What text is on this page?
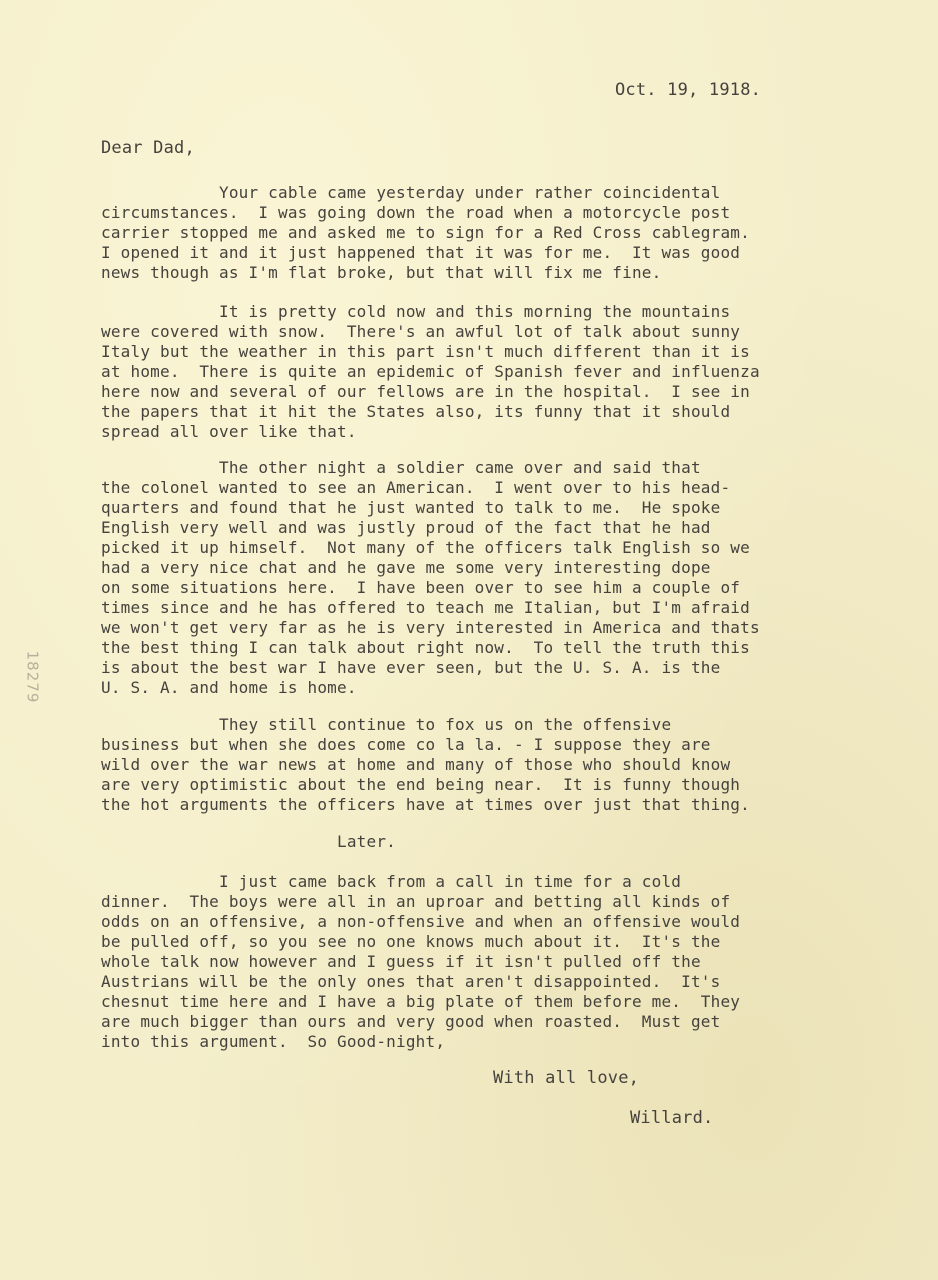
Oct. 19, 1918.
Dear Dad,
Your cable came yesterday under rather coincidental
circumstances.  I was going down the road when a motorcycle post
carrier stopped me and asked me to sign for a Red Cross cablegram.
I opened it and it just happened that it was for me.  It was good
news though as I'm flat broke, but that will fix me fine.
It is pretty cold now and this morning the mountains
were covered with snow.  There's an awful lot of talk about sunny
Italy but the weather in this part isn't much different than it is
at home.  There is quite an epidemic of Spanish fever and influenza
here now and several of our fellows are in the hospital.  I see in
the papers that it hit the States also, its funny that it should
spread all over like that.
The other night a soldier came over and said that
the colonel wanted to see an American.  I went over to his head-
quarters and found that he just wanted to talk to me.  He spoke
English very well and was justly proud of the fact that he had
picked it up himself.  Not many of the officers talk English so we
had a very nice chat and he gave me some very interesting dope
on some situations here.  I have been over to see him a couple of
times since and he has offered to teach me Italian, but I'm afraid
we won't get very far as he is very interested in America and thats
the best thing I can talk about right now.  To tell the truth this
is about the best war I have ever seen, but the U. S. A. is the
U. S. A. and home is home.
They still continue to fox us on the offensive
business but when she does come co la la. - I suppose they are
wild over the war news at home and many of those who should know
are very optimistic about the end being near.  It is funny though
the hot arguments the officers have at times over just that thing.
Later.
I just came back from a call in time for a cold
dinner.  The boys were all in an uproar and betting all kinds of
odds on an offensive, a non-offensive and when an offensive would
be pulled off, so you see no one knows much about it.  It's the
whole talk now however and I guess if it isn't pulled off the
Austrians will be the only ones that aren't disappointed.  It's
chesnut time here and I have a big plate of them before me.  They
are much bigger than ours and very good when roasted.  Must get
into this argument.  So Good-night,
With all love,
Willard.
18279
